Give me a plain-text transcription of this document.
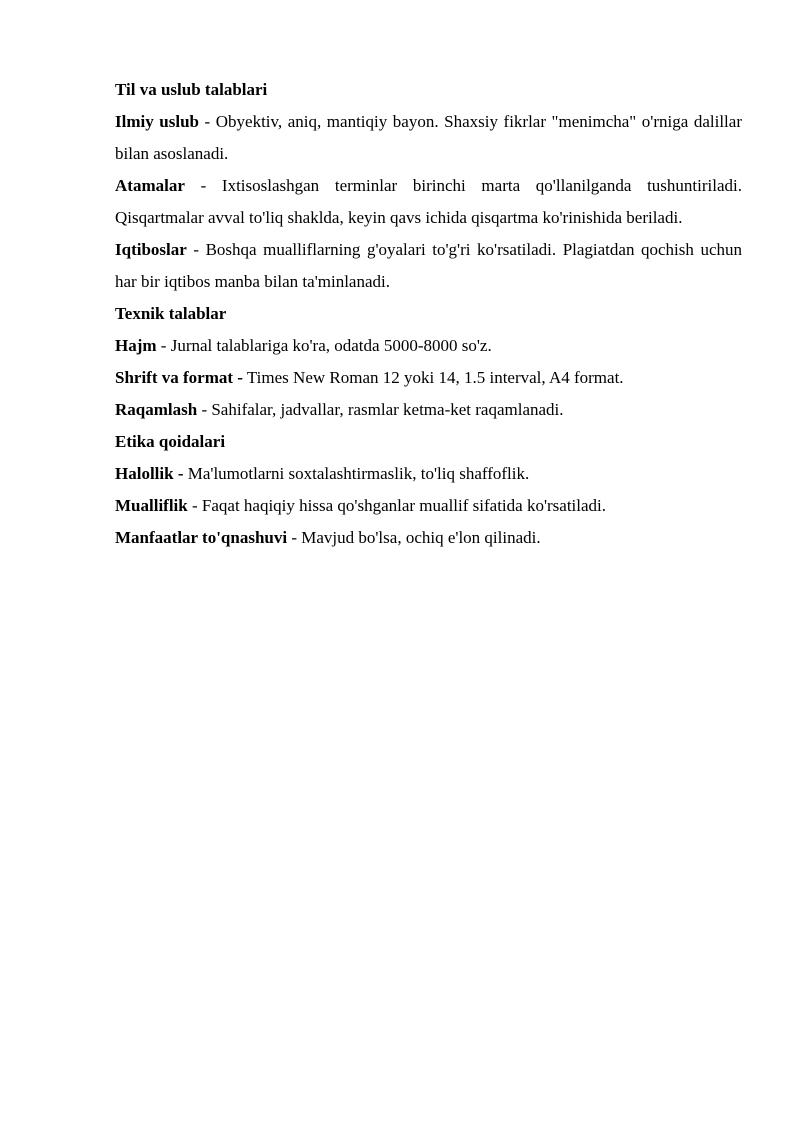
Til va uslub talablari

Ilmiy uslub - Obyektiv, aniq, mantiqiy bayon. Shaxsiy fikrlar "menimcha" o'rniga dalillar bilan asoslanadi.

Atamalar - Ixtisoslashgan terminlar birinchi marta qo'llanilganda tushuntiriladi. Qisqartmalar avval to'liq shaklda, keyin qavs ichida qisqartma ko'rinishida beriladi.

Iqtiboslar - Boshqa mualliflarning g'oyalari to'g'ri ko'rsatiladi. Plagiatdan qochish uchun har bir iqtibos manba bilan ta'minlanadi.

Texnik talablar

Hajm - Jurnal talablariga ko'ra, odatda 5000-8000 so'z.

Shrift va format - Times New Roman 12 yoki 14, 1.5 interval, A4 format.

Raqamlash - Sahifalar, jadvallar, rasmlar ketma-ket raqamlanadi.

Etika qoidalari

Halollik - Ma'lumotlarni soxtalashtirmaslik, to'liq shaffoflik.

Mualliflik - Faqat haqiqiy hissa qo'shganlar muallif sifatida ko'rsatiladi.

Manfaatlar to'qnashuvi - Mavjud bo'lsa, ochiq e'lon qilinadi.
